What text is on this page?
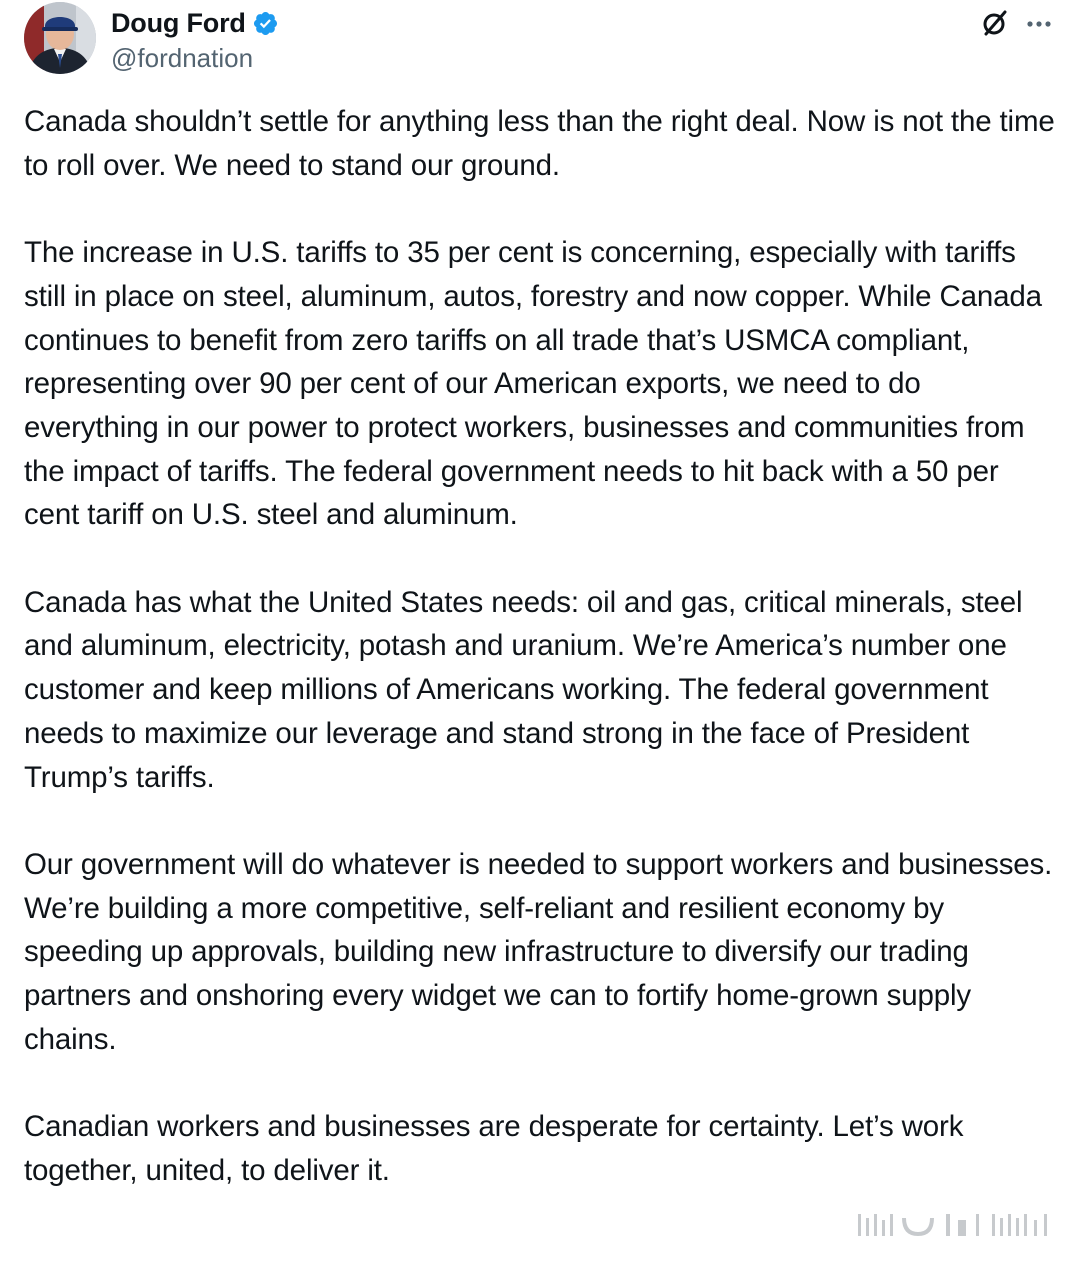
Doug Ford
@fordnation

Canada shouldn’t settle for anything less than the right deal. Now is not the time to roll over. We need to stand our ground.

The increase in U.S. tariffs to 35 per cent is concerning, especially with tariffs still in place on steel, aluminum, autos, forestry and now copper. While Canada continues to benefit from zero tariffs on all trade that’s USMCA compliant, representing over 90 per cent of our American exports, we need to do everything in our power to protect workers, businesses and communities from the impact of tariffs. The federal government needs to hit back with a 50 per cent tariff on U.S. steel and aluminum.

Canada has what the United States needs: oil and gas, critical minerals, steel and aluminum, electricity, potash and uranium. We’re America’s number one customer and keep millions of Americans working. The federal government needs to maximize our leverage and stand strong in the face of President Trump’s tariffs.

Our government will do whatever is needed to support workers and businesses. We’re building a more competitive, self-reliant and resilient economy by speeding up approvals, building new infrastructure to diversify our trading partners and onshoring every widget we can to fortify home-grown supply chains.

Canadian workers and businesses are desperate for certainty. Let’s work together, united, to deliver it.
